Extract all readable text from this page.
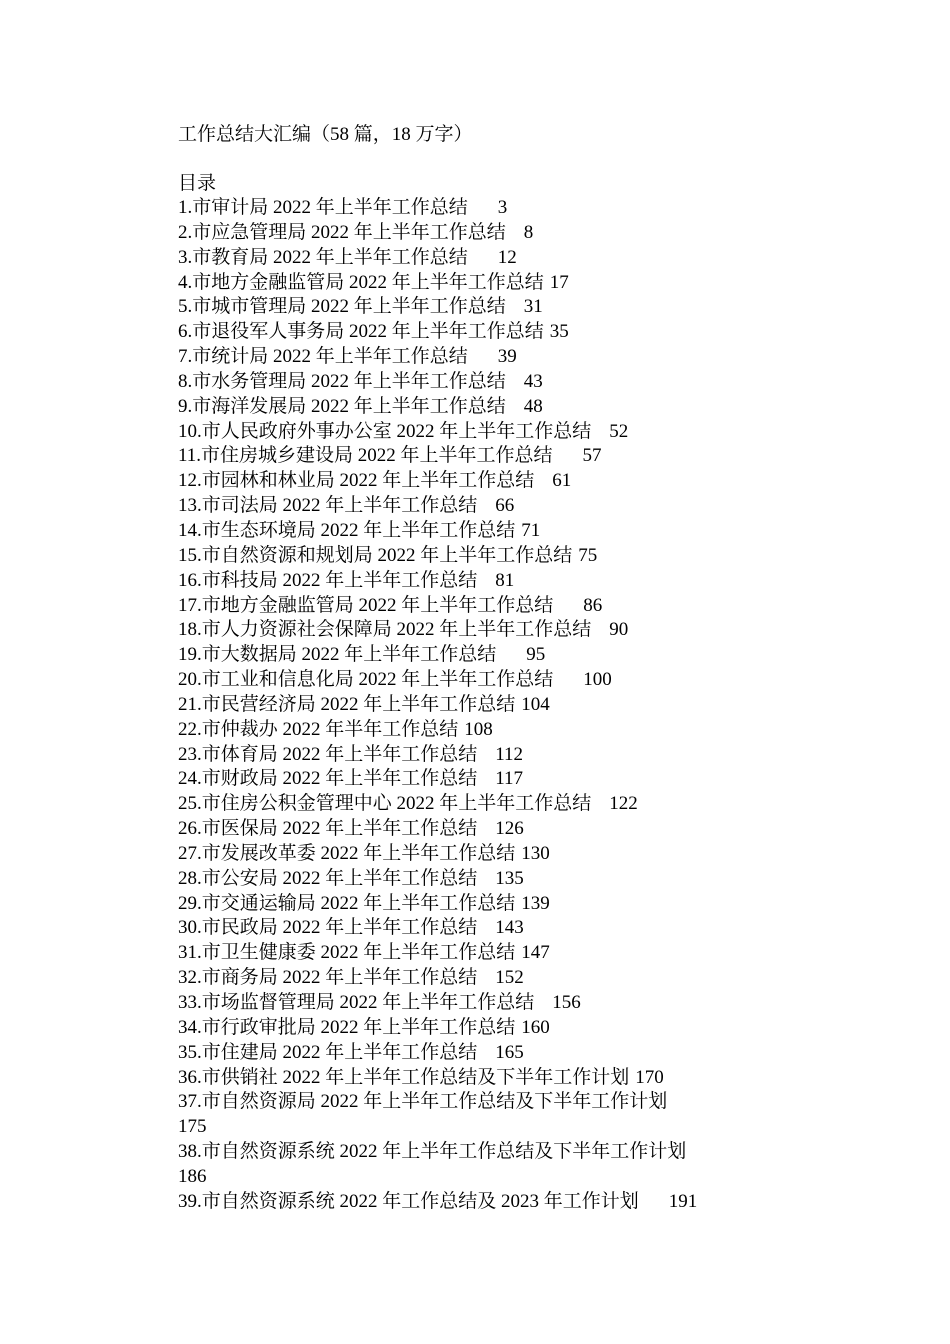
工作总结大汇编（58 篇，18 万字）
目录
1.市审计局 2022 年上半年工作总结 3
2.市应急管理局 2022 年上半年工作总结 8
3.市教育局 2022 年上半年工作总结 12
4.市地方金融监管局 2022 年上半年工作总结 17
5.市城市管理局 2022 年上半年工作总结 31
6.市退役军人事务局 2022 年上半年工作总结 35
7.市统计局 2022 年上半年工作总结 39
8.市水务管理局 2022 年上半年工作总结 43
9.市海洋发展局 2022 年上半年工作总结 48
10.市人民政府外事办公室 2022 年上半年工作总结 52
11.市住房城乡建设局 2022 年上半年工作总结 57
12.市园林和林业局 2022 年上半年工作总结 61
13.市司法局 2022 年上半年工作总结 66
14.市生态环境局 2022 年上半年工作总结 71
15.市自然资源和规划局 2022 年上半年工作总结 75
16.市科技局 2022 年上半年工作总结 81
17.市地方金融监管局 2022 年上半年工作总结 86
18.市人力资源社会保障局 2022 年上半年工作总结 90
19.市大数据局 2022 年上半年工作总结 95
20.市工业和信息化局 2022 年上半年工作总结 100
21.市民营经济局 2022 年上半年工作总结 104
22.市仲裁办 2022 年半年工作总结 108
23.市体育局 2022 年上半年工作总结 112
24.市财政局 2022 年上半年工作总结 117
25.市住房公积金管理中心 2022 年上半年工作总结 122
26.市医保局 2022 年上半年工作总结 126
27.市发展改革委 2022 年上半年工作总结 130
28.市公安局 2022 年上半年工作总结 135
29.市交通运输局 2022 年上半年工作总结 139
30.市民政局 2022 年上半年工作总结 143
31.市卫生健康委 2022 年上半年工作总结 147
32.市商务局 2022 年上半年工作总结 152
33.市场监督管理局 2022 年上半年工作总结 156
34.市行政审批局 2022 年上半年工作总结 160
35.市住建局 2022 年上半年工作总结 165
36.市供销社 2022 年上半年工作总结及下半年工作计划 170
37.市自然资源局 2022 年上半年工作总结及下半年工作计划
175
38.市自然资源系统 2022 年上半年工作总结及下半年工作计划
186
39.市自然资源系统 2022 年工作总结及 2023 年工作计划 191
